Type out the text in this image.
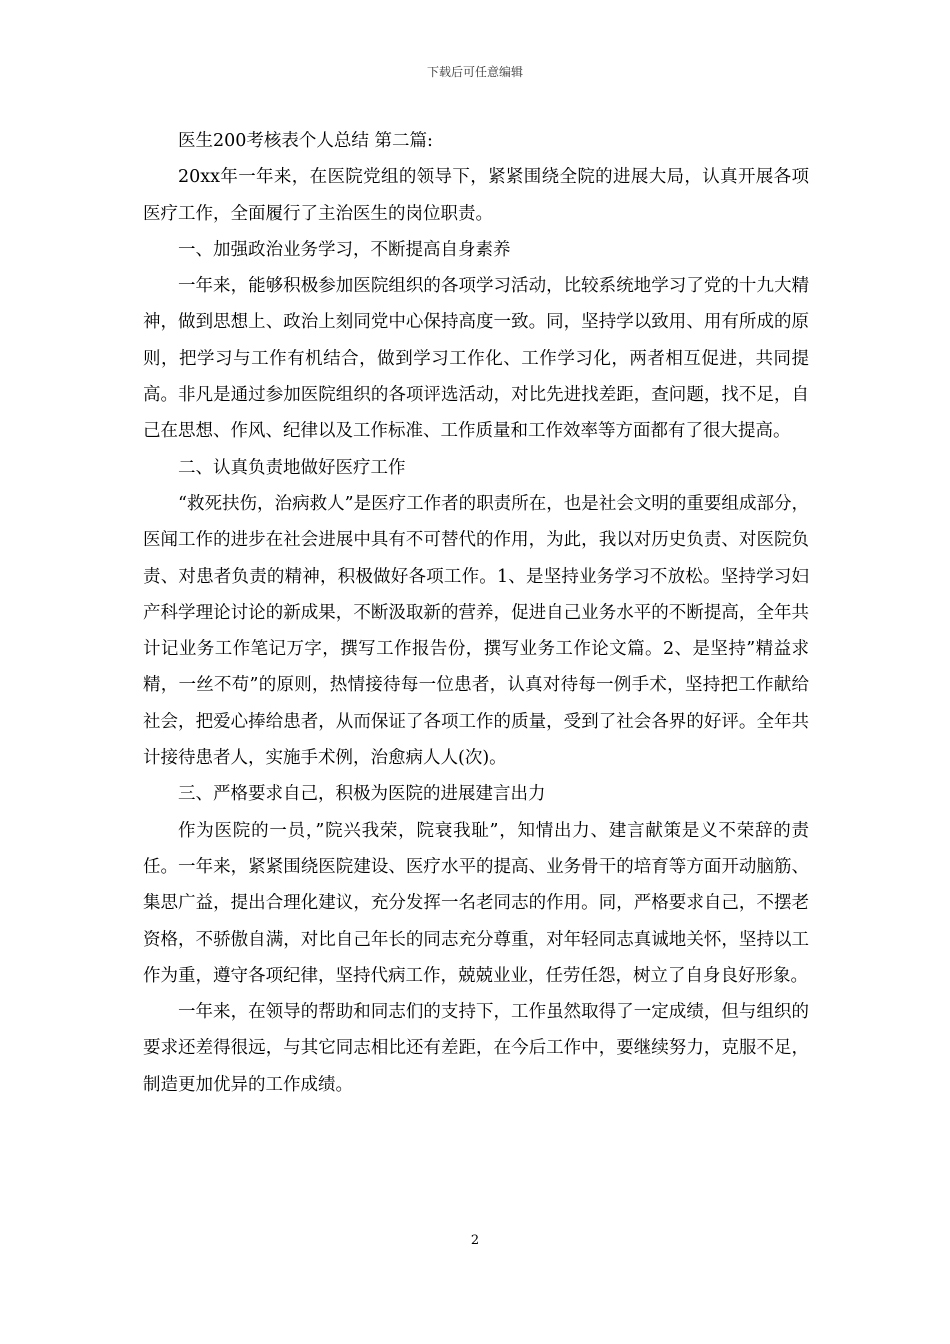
下载后可任意编辑

医生200考核表个人总结 第二篇:

20xx年一年来，在医院党组的领导下，紧紧围绕全院的进展大局，认真开展各项医疗工作，全面履行了主治医生的岗位职责。

一、加强政治业务学习，不断提高自身素养

一年来，能够积极参加医院组织的各项学习活动，比较系统地学习了党的十九大精神，做到思想上、政治上刻同党中心保持高度一致。同，坚持学以致用、用有所成的原则，把学习与工作有机结合，做到学习工作化、工作学习化，两者相互促进，共同提高。非凡是通过参加医院组织的各项评选活动，对比先进找差距，查问题，找不足，自己在思想、作风、纪律以及工作标准、工作质量和工作效率等方面都有了很大提高。

二、认真负责地做好医疗工作

“救死扶伤，治病救人”是医疗工作者的职责所在，也是社会文明的重要组成部分，医闻工作的进步在社会进展中具有不可替代的作用，为此，我以对历史负责、对医院负责、对患者负责的精神，积极做好各项工作。1、是坚持业务学习不放松。坚持学习妇产科学理论讨论的新成果，不断汲取新的营养，促进自己业务水平的不断提高，全年共计记业务工作笔记万字，撰写工作报告份，撰写业务工作论文篇。2、是坚持”精益求精，一丝不苟”的原则，热情接待每一位患者，认真对待每一例手术，坚持把工作献给社会，把爱心捧给患者，从而保证了各项工作的质量，受到了社会各界的好评。全年共计接待患者人，实施手术例，治愈病人人(次)。

三、严格要求自己，积极为医院的进展建言出力

作为医院的一员，”院兴我荣，院衰我耻”，知情出力、建言献策是义不荣辞的责任。一年来，紧紧围绕医院建设、医疗水平的提高、业务骨干的培育等方面开动脑筋、集思广益，提出合理化建议，充分发挥一名老同志的作用。同，严格要求自己，不摆老资格，不骄傲自满，对比自己年长的同志充分尊重，对年轻同志真诚地关怀，坚持以工作为重，遵守各项纪律，坚持代病工作，兢兢业业，任劳任怨，树立了自身良好形象。

一年来，在领导的帮助和同志们的支持下，工作虽然取得了一定成绩，但与组织的要求还差得很远，与其它同志相比还有差距，在今后工作中，要继续努力，克服不足，制造更加优异的工作成绩。

2
